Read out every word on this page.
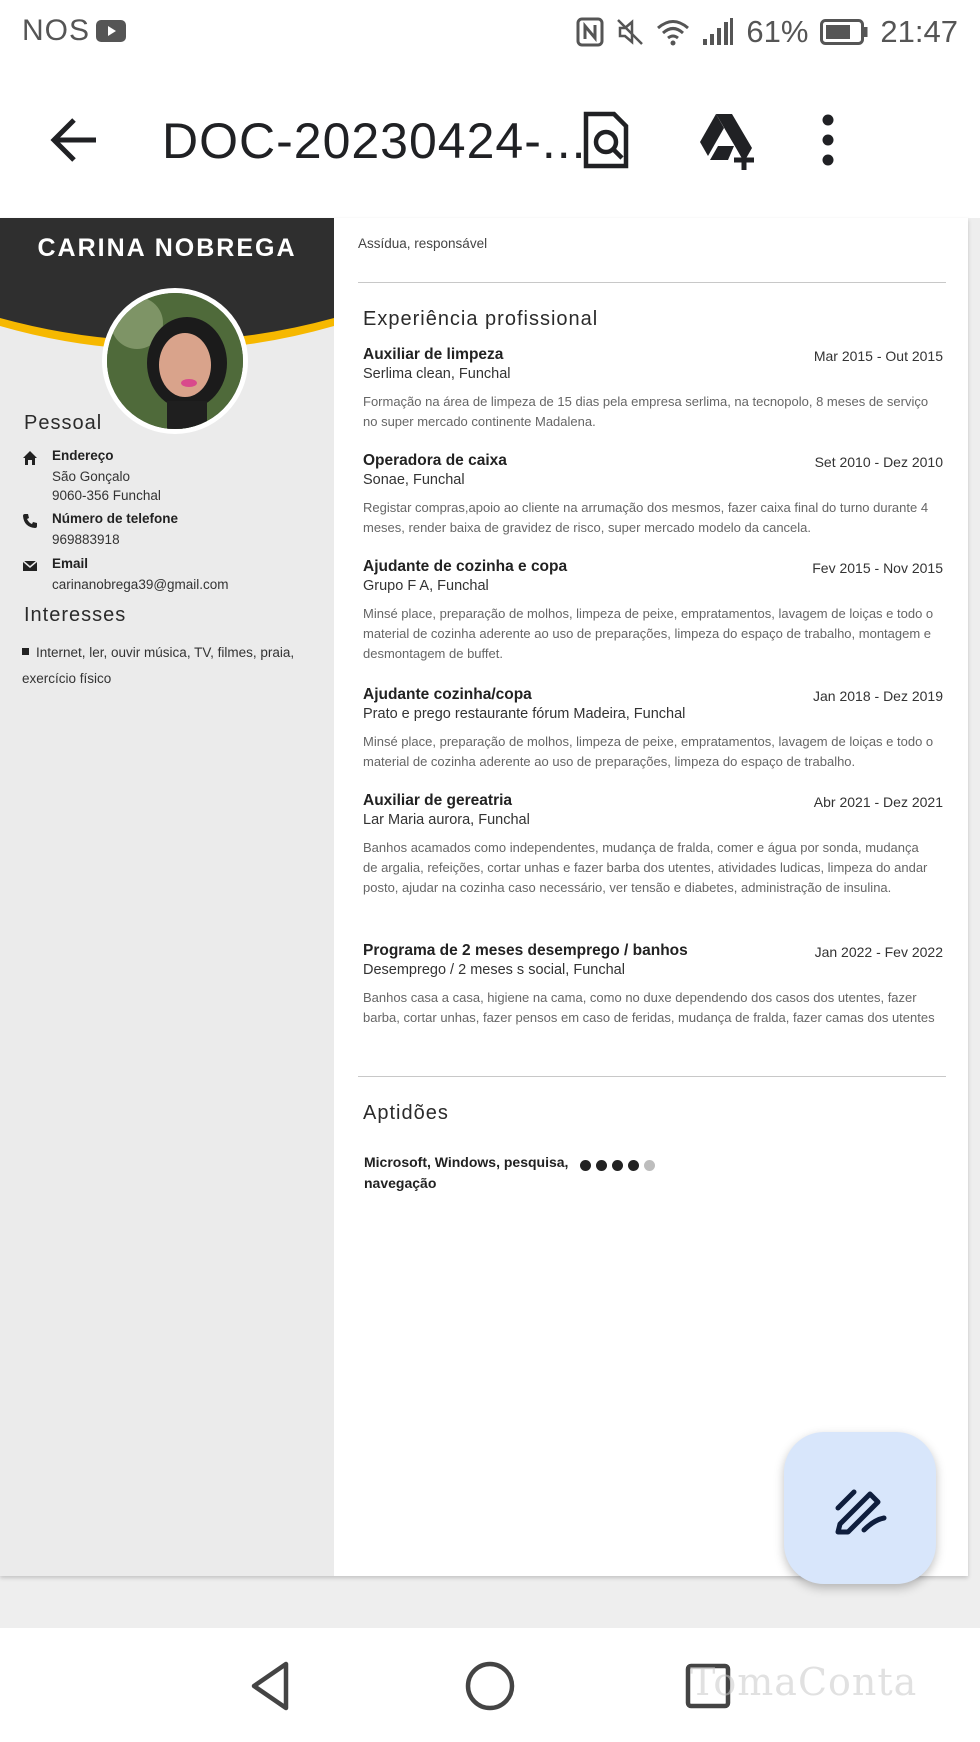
NOS	61% 21:47
DOC-20230424-...
CARINA NOBREGA
Pessoal
Endereço
São Gonçalo
9060-356 Funchal
Número de telefone
969883918
Email
carinanobrega39@gmail.com
Interesses
Internet, ler, ouvir música, TV, filmes, praia, exercício físico
Assídua, responsável
Experiência profissional
Auxiliar de limpeza	Mar 2015 - Out 2015
Serlima clean, Funchal
Formação na área de limpeza de 15 dias pela empresa serlima, na tecnopolo, 8 meses de serviço no super mercado continente Madalena.
Operadora de caixa	Set 2010 - Dez 2010
Sonae, Funchal
Registar compras,apoio ao cliente na arrumação dos mesmos, fazer caixa final do turno durante 4 meses, render baixa de gravidez de risco, super mercado modelo da cancela.
Ajudante de cozinha e copa	Fev 2015 - Nov 2015
Grupo F A, Funchal
Minsé place, preparação de molhos, limpeza de peixe, empratamentos, lavagem de loiças e todo o material de cozinha aderente ao uso de preparações, limpeza do espaço de trabalho, montagem e desmontagem de buffet.
Ajudante cozinha/copa	Jan 2018 - Dez 2019
Prato e prego restaurante fórum Madeira, Funchal
Minsé place, preparação de molhos, limpeza de peixe, empratamentos, lavagem de loiças e todo o material de cozinha aderente ao uso de preparações, limpeza do espaço de trabalho.
Auxiliar de gereatria	Abr 2021 - Dez 2021
Lar Maria aurora, Funchal
Banhos acamados como independentes, mudança de fralda, comer e água por sonda, mudança de argalia, refeições, cortar unhas e fazer barba dos utentes, atividades ludicas, limpeza do andar posto, ajudar na cozinha caso necessário, ver tensão e diabetes, administração de insulina.
Programa de 2 meses desemprego / banhos	Jan 2022 - Fev 2022
Desemprego / 2 meses s social, Funchal
Banhos casa a casa, higiene na cama, como no duxe dependendo dos casos dos utentes, fazer barba, cortar unhas, fazer pensos em caso de feridas, mudança de fralda, fazer camas dos utentes
Aptidões
Microsoft, Windows, pesquisa, navegação
TomaConta
